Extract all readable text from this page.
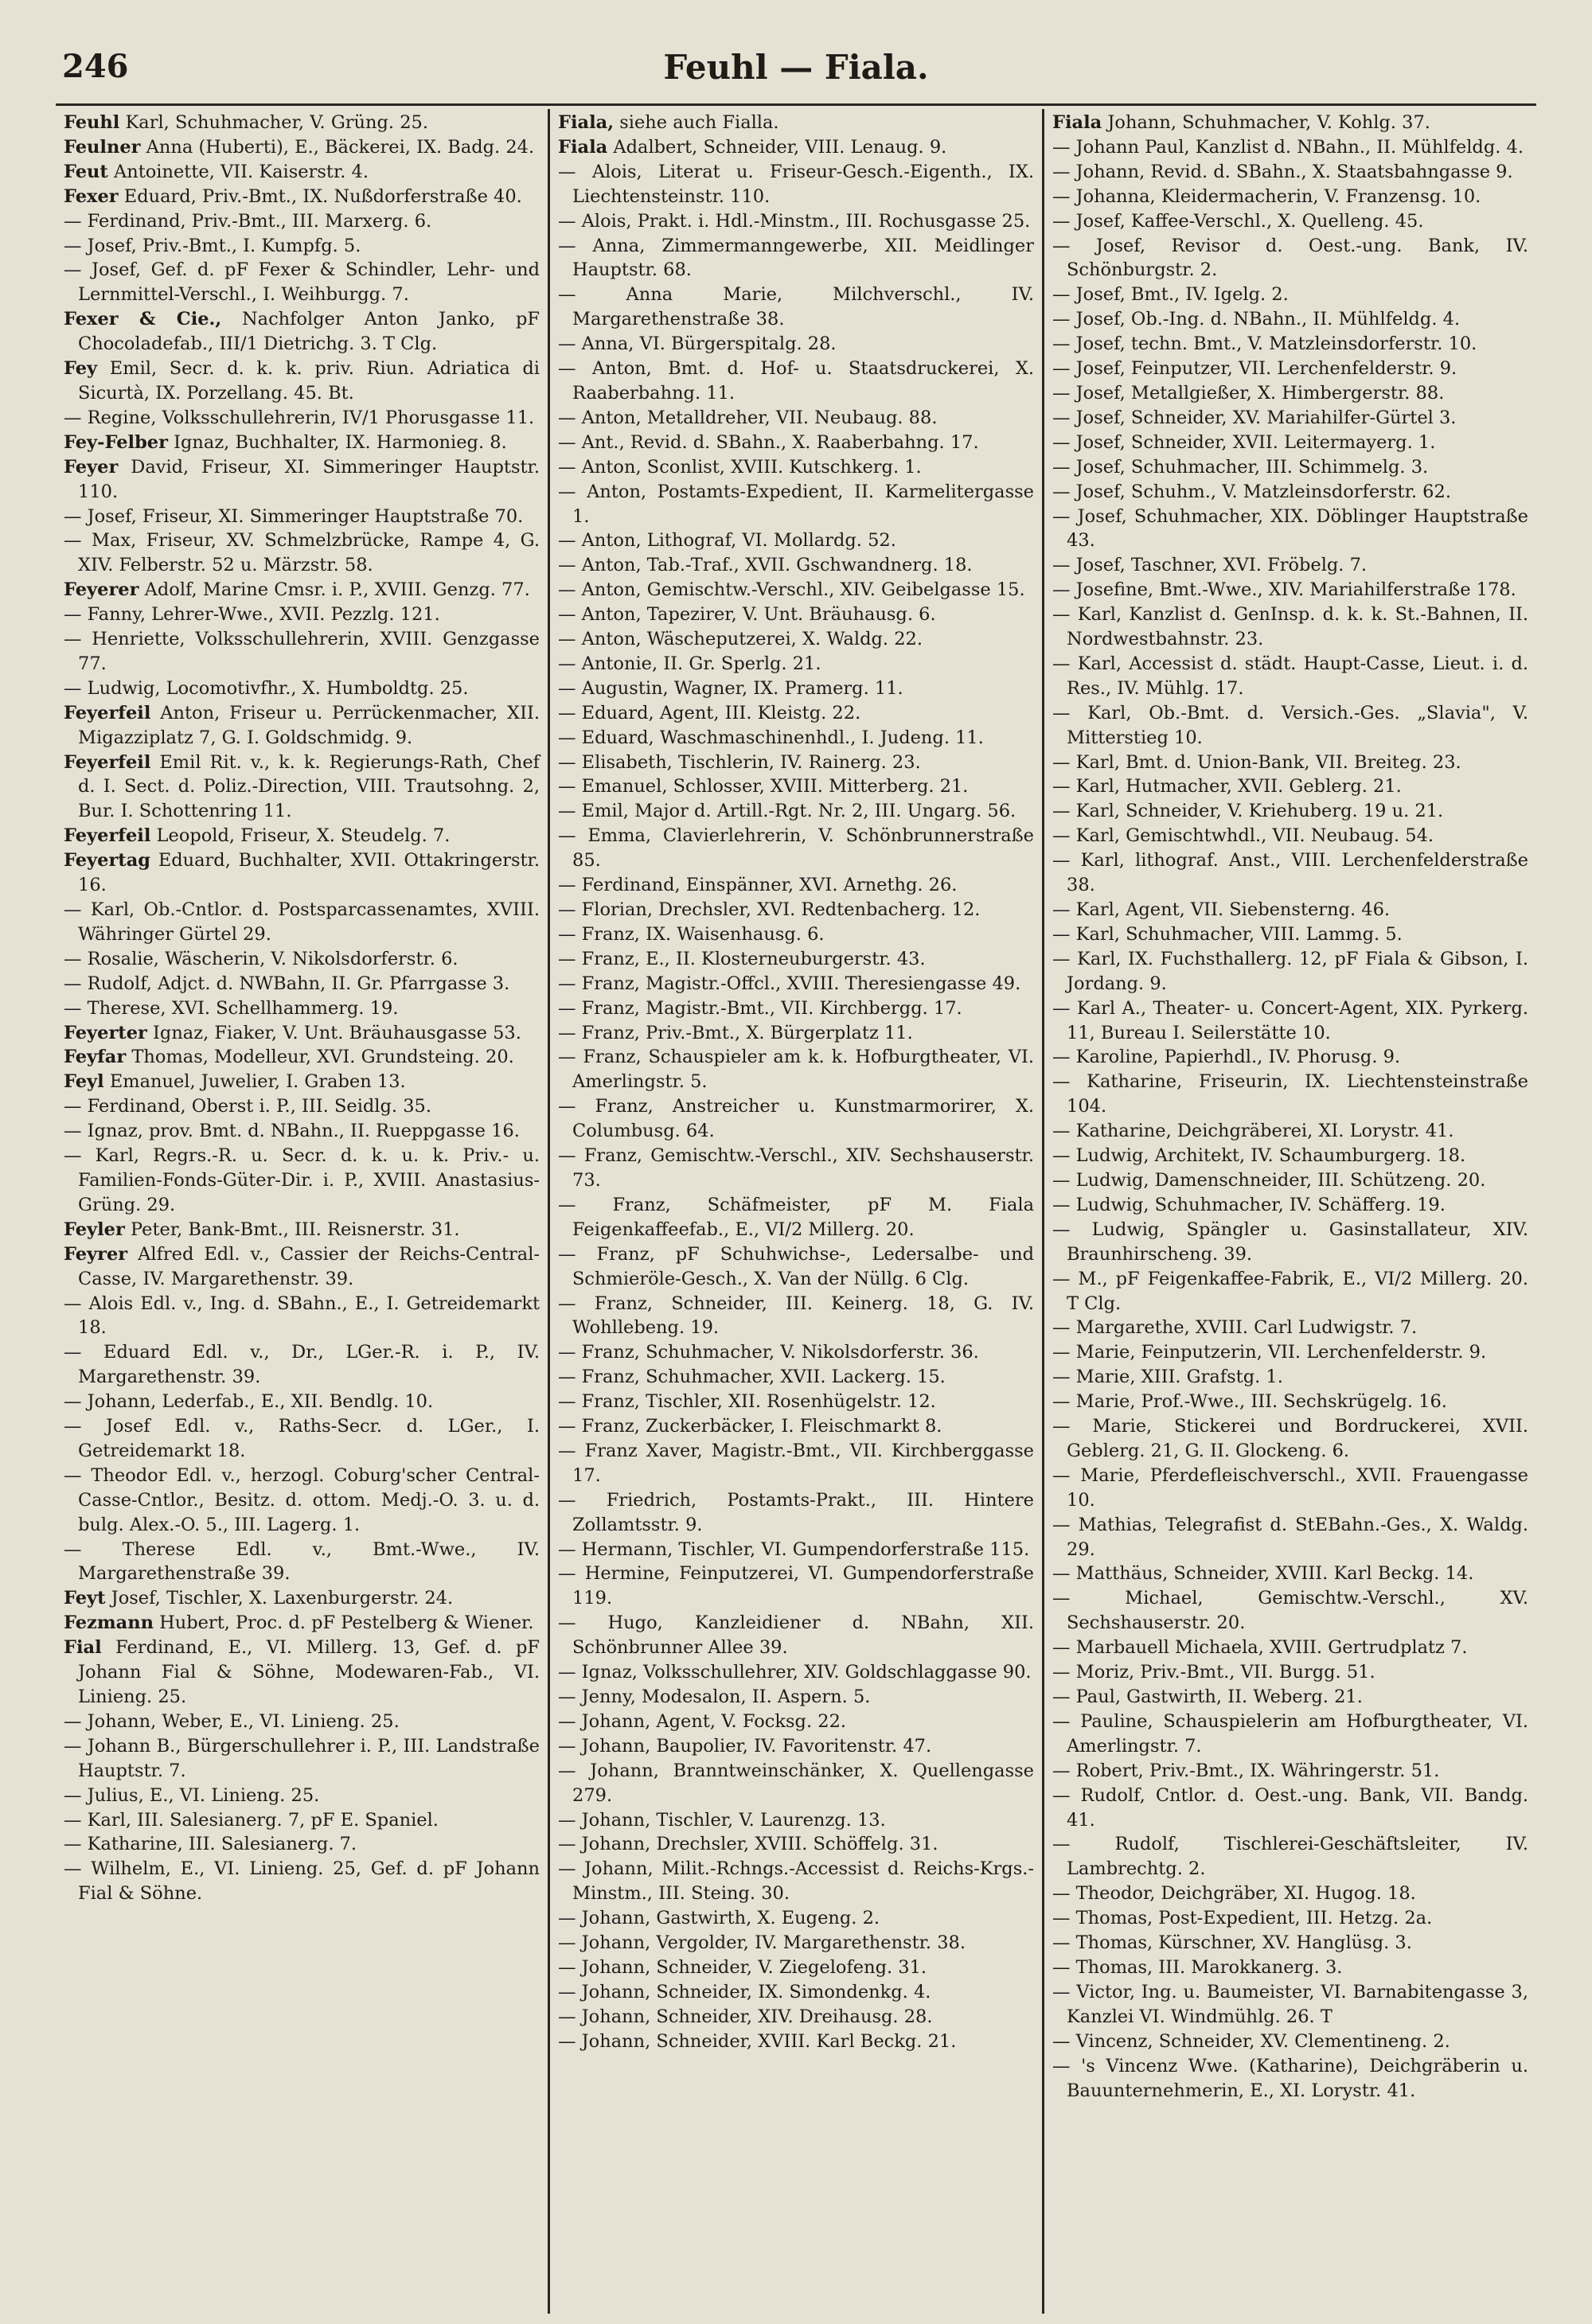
246	Feuhl — Fiala.

Feuhl Karl, Schuhmacher, V. Grüng. 25.

Feulner Anna (Huberti), E., Bäckerei, IX. Badg. 24.

Feut Antoinette, VII. Kaiserstr. 4.

Fexer Eduard, Priv.-Bmt., IX. Nußdorferstraße 40.

— Ferdinand, Priv.-Bmt., III. Marxerg. 6.

— Josef, Priv.-Bmt., I. Kumpfg. 5.

— Josef, Gef. d. pF Fexer & Schindler, Lehr- und Lernmittel-Verschl., I. Weihburgg. 7.

Fexer & Cie., Nachfolger Anton Janko, pF Chocoladefab., III/1 Dietrichg. 3. T Clg.

Fey Emil, Secr. d. k. k. priv. Riun. Adriatica di Sicurtà, IX. Porzellang. 45. Bt.

— Regine, Volksschullehrerin, IV/1 Phorusgasse 11.

Fey-Felber Ignaz, Buchhalter, IX. Harmonieg. 8.

Feyer David, Friseur, XI. Simmeringer Hauptstr. 110.

— Josef, Friseur, XI. Simmeringer Hauptstraße 70.

— Max, Friseur, XV. Schmelzbrücke, Rampe 4, G. XIV. Felberstr. 52 u. Märzstr. 58.

Feyerer Adolf, Marine Cmsr. i. P., XVIII. Genzg. 77.

— Fanny, Lehrer-Wwe., XVII. Pezzlg. 121.

— Henriette, Volksschullehrerin, XVIII. Genzgasse 77.

— Ludwig, Locomotivfhr., X. Humboldtg. 25.

Feyerfeil Anton, Friseur u. Perrückenmacher, XII. Migazziplatz 7, G. I. Goldschmidg. 9.

Feyerfeil Emil Rit. v., k. k. Regierungs-Rath, Chef d. I. Sect. d. Poliz.-Direction, VIII. Trautsohng. 2, Bur. I. Schottenring 11.

Feyerfeil Leopold, Friseur, X. Steudelg. 7.

Feyertag Eduard, Buchhalter, XVII. Ottakringerstr. 16.

— Karl, Ob.-Cntlor. d. Postsparcassenamtes, XVIII. Währinger Gürtel 29.

— Rosalie, Wäscherin, V. Nikolsdorferstr. 6.

— Rudolf, Adjct. d. NWBahn, II. Gr. Pfarrgasse 3.

— Therese, XVI. Schellhammerg. 19.

Feyerter Ignaz, Fiaker, V. Unt. Bräuhausgasse 53.

Feyfar Thomas, Modelleur, XVI. Grundsteing. 20.

Feyl Emanuel, Juwelier, I. Graben 13.

— Ferdinand, Oberst i. P., III. Seidlg. 35.

— Ignaz, prov. Bmt. d. NBahn., II. Rueppgasse 16.

— Karl, Regrs.-R. u. Secr. d. k. u. k. Priv.- u. Familien-Fonds-Güter-Dir. i. P., XVIII. Anastasius-Grüng. 29.

Feyler Peter, Bank-Bmt., III. Reisnerstr. 31.

Feyrer Alfred Edl. v., Cassier der Reichs-Central-Casse, IV. Margarethenstr. 39.

— Alois Edl. v., Ing. d. SBahn., E., I. Getreidemarkt 18.

— Eduard Edl. v., Dr., LGer.-R. i. P., IV. Margarethenstr. 39.

— Johann, Lederfab., E., XII. Bendlg. 10.

— Josef Edl. v., Raths-Secr. d. LGer., I. Getreidemarkt 18.

— Theodor Edl. v., herzogl. Coburg'scher Central-Casse-Cntlor., Besitz. d. ottom. Medj.-O. 3. u. d. bulg. Alex.-O. 5., III. Lagerg. 1.

— Therese Edl. v., Bmt.-Wwe., IV. Margarethenstraße 39.

Feyt Josef, Tischler, X. Laxenburgerstr. 24.

Fezmann Hubert, Proc. d. pF Pestelberg & Wiener.

Fial Ferdinand, E., VI. Millerg. 13, Gef. d. pF Johann Fial & Söhne, Modewaren-Fab., VI. Linieng. 25.

— Johann, Weber, E., VI. Linieng. 25.

— Johann B., Bürgerschullehrer i. P., III. Landstraße Hauptstr. 7.

— Julius, E., VI. Linieng. 25.

— Karl, III. Salesianerg. 7, pF E. Spaniel.

— Katharine, III. Salesianerg. 7.

— Wilhelm, E., VI. Linieng. 25, Gef. d. pF Johann Fial & Söhne.

Fiala, siehe auch Fialla.

Fiala Adalbert, Schneider, VIII. Lenaug. 9.

— Alois, Literat u. Friseur-Gesch.-Eigenth., IX. Liechtensteinstr. 110.

— Alois, Prakt. i. Hdl.-Minstm., III. Rochusgasse 25.

— Anna, Zimmermanngewerbe, XII. Meidlinger Hauptstr. 68.

— Anna Marie, Milchverschl., IV. Margarethenstraße 38.

— Anna, VI. Bürgerspitalg. 28.

— Anton, Bmt. d. Hof- u. Staatsdruckerei, X. Raaberbahng. 11.

— Anton, Metalldreher, VII. Neubaug. 88.

— Ant., Revid. d. SBahn., X. Raaberbahng. 17.

— Anton, Sconlist, XVIII. Kutschkerg. 1.

— Anton, Postamts-Expedient, II. Karmelitergasse 1.

— Anton, Lithograf, VI. Mollardg. 52.

— Anton, Tab.-Traf., XVII. Gschwandnerg. 18.

— Anton, Gemischtw.-Verschl., XIV. Geibelgasse 15.

— Anton, Tapezirer, V. Unt. Bräuhausg. 6.

— Anton, Wäscheputzerei, X. Waldg. 22.

— Antonie, II. Gr. Sperlg. 21.

— Augustin, Wagner, IX. Pramerg. 11.

— Eduard, Agent, III. Kleistg. 22.

— Eduard, Waschmaschinenhdl., I. Judeng. 11.

— Elisabeth, Tischlerin, IV. Rainerg. 23.

— Emanuel, Schlosser, XVIII. Mitterberg. 21.

— Emil, Major d. Artill.-Rgt. Nr. 2, III. Ungarg. 56.

— Emma, Clavierlehrerin, V. Schönbrunnerstraße 85.

— Ferdinand, Einspänner, XVI. Arnethg. 26.

— Florian, Drechsler, XVI. Redtenbacherg. 12.

— Franz, IX. Waisenhausg. 6.

— Franz, E., II. Klosterneuburgerstr. 43.

— Franz, Magistr.-Offcl., XVIII. Theresiengasse 49.

— Franz, Magistr.-Bmt., VII. Kirchbergg. 17.

— Franz, Priv.-Bmt., X. Bürgerplatz 11.

— Franz, Schauspieler am k. k. Hofburgtheater, VI. Amerlingstr. 5.

— Franz, Anstreicher u. Kunstmarmorirer, X. Columbusg. 64.

— Franz, Gemischtw.-Verschl., XIV. Sechshauserstr. 73.

— Franz, Schäfmeister, pF M. Fiala Feigenkaffeefab., E., VI/2 Millerg. 20.

— Franz, pF Schuhwichse-, Ledersalbe- und Schmieröle-Gesch., X. Van der Nüllg. 6 Clg.

— Franz, Schneider, III. Keinerg. 18, G. IV. Wohllebeng. 19.

— Franz, Schuhmacher, V. Nikolsdorferstr. 36.

— Franz, Schuhmacher, XVII. Lackerg. 15.

— Franz, Tischler, XII. Rosenhügelstr. 12.

— Franz, Zuckerbäcker, I. Fleischmarkt 8.

— Franz Xaver, Magistr.-Bmt., VII. Kirchberggasse 17.

— Friedrich, Postamts-Prakt., III. Hintere Zollamtsstr. 9.

— Hermann, Tischler, VI. Gumpendorferstraße 115.

— Hermine, Feinputzerei, VI. Gumpendorferstraße 119.

— Hugo, Kanzleidiener d. NBahn, XII. Schönbrunner Allee 39.

— Ignaz, Volksschullehrer, XIV. Goldschlaggasse 90.

— Jenny, Modesalon, II. Aspern. 5.

— Johann, Agent, V. Focksg. 22.

— Johann, Baupolier, IV. Favoritenstr. 47.

— Johann, Branntweinschänker, X. Quellengasse 279.

— Johann, Tischler, V. Laurenzg. 13.

— Johann, Drechsler, XVIII. Schöffelg. 31.

— Johann, Milit.-Rchngs.-Accessist d. Reichs-Krgs.-Minstm., III. Steing. 30.

— Johann, Gastwirth, X. Eugeng. 2.

— Johann, Vergolder, IV. Margarethenstr. 38.

— Johann, Schneider, V. Ziegelofeng. 31.

— Johann, Schneider, IX. Simondenkg. 4.

— Johann, Schneider, XIV. Dreihausg. 28.

— Johann, Schneider, XVIII. Karl Beckg. 21.

Fiala Johann, Schuhmacher, V. Kohlg. 37.

— Johann Paul, Kanzlist d. NBahn., II. Mühlfeldg. 4.

— Johann, Revid. d. SBahn., X. Staatsbahngasse 9.

— Johanna, Kleidermacherin, V. Franzensg. 10.

— Josef, Kaffee-Verschl., X. Quelleng. 45.

— Josef, Revisor d. Oest.-ung. Bank, IV. Schönburgstr. 2.

— Josef, Bmt., IV. Igelg. 2.

— Josef, Ob.-Ing. d. NBahn., II. Mühlfeldg. 4.

— Josef, techn. Bmt., V. Matzleinsdorferstr. 10.

— Josef, Feinputzer, VII. Lerchenfelderstr. 9.

— Josef, Metallgießer, X. Himbergerstr. 88.

— Josef, Schneider, XV. Mariahilfer-Gürtel 3.

— Josef, Schneider, XVII. Leitermayerg. 1.

— Josef, Schuhmacher, III. Schimmelg. 3.

— Josef, Schuhm., V. Matzleinsdorferstr. 62.

— Josef, Schuhmacher, XIX. Döblinger Hauptstraße 43.

— Josef, Taschner, XVI. Fröbelg. 7.

— Josefine, Bmt.-Wwe., XIV. Mariahilferstraße 178.

— Karl, Kanzlist d. GenInsp. d. k. k. St.-Bahnen, II. Nordwestbahnstr. 23.

— Karl, Accessist d. städt. Haupt-Casse, Lieut. i. d. Res., IV. Mühlg. 17.

— Karl, Ob.-Bmt. d. Versich.-Ges. „Slavia", V. Mitterstieg 10.

— Karl, Bmt. d. Union-Bank, VII. Breiteg. 23.

— Karl, Hutmacher, XVII. Geblerg. 21.

— Karl, Schneider, V. Kriehuberg. 19 u. 21.

— Karl, Gemischtwhdl., VII. Neubaug. 54.

— Karl, lithograf. Anst., VIII. Lerchenfelderstraße 38.

— Karl, Agent, VII. Siebensterng. 46.

— Karl, Schuhmacher, VIII. Lammg. 5.

— Karl, IX. Fuchsthallerg. 12, pF Fiala & Gibson, I. Jordang. 9.

— Karl A., Theater- u. Concert-Agent, XIX. Pyrkerg. 11, Bureau I. Seilerstätte 10.

— Karoline, Papierhdl., IV. Phorusg. 9.

— Katharine, Friseurin, IX. Liechtensteinstraße 104.

— Katharine, Deichgräberei, XI. Lorystr. 41.

— Ludwig, Architekt, IV. Schaumburgerg. 18.

— Ludwig, Damenschneider, III. Schützeng. 20.

— Ludwig, Schuhmacher, IV. Schäfferg. 19.

— Ludwig, Spängler u. Gasinstallateur, XIV. Braunhirscheng. 39.

— M., pF Feigenkaffee-Fabrik, E., VI/2 Millerg. 20. T Clg.

— Margarethe, XVIII. Carl Ludwigstr. 7.

— Marie, Feinputzerin, VII. Lerchenfelderstr. 9.

— Marie, XIII. Grafstg. 1.

— Marie, Prof.-Wwe., III. Sechskrügelg. 16.

— Marie, Stickerei und Bordruckerei, XVII. Geblerg. 21, G. II. Glockeng. 6.

— Marie, Pferdefleischverschl., XVII. Frauengasse 10.

— Mathias, Telegrafist d. StEBahn.-Ges., X. Waldg. 29.

— Matthäus, Schneider, XVIII. Karl Beckg. 14.

— Michael, Gemischtw.-Verschl., XV. Sechshauserstr. 20.

— Marbauell Michaela, XVIII. Gertrudplatz 7.

— Moriz, Priv.-Bmt., VII. Burgg. 51.

— Paul, Gastwirth, II. Weberg. 21.

— Pauline, Schauspielerin am Hofburgtheater, VI. Amerlingstr. 7.

— Robert, Priv.-Bmt., IX. Währingerstr. 51.

— Rudolf, Cntlor. d. Oest.-ung. Bank, VII. Bandg. 41.

— Rudolf, Tischlerei-Geschäftsleiter, IV. Lambrechtg. 2.

— Theodor, Deichgräber, XI. Hugog. 18.

— Thomas, Post-Expedient, III. Hetzg. 2a.

— Thomas, Kürschner, XV. Hanglüsg. 3.

— Thomas, III. Marokkanerg. 3.

— Victor, Ing. u. Baumeister, VI. Barnabitengasse 3, Kanzlei VI. Windmühlg. 26. T

— Vincenz, Schneider, XV. Clementineng. 2.

— 's Vincenz Wwe. (Katharine), Deichgräberin u. Bauunternehmerin, E., XI. Lorystr. 41.
